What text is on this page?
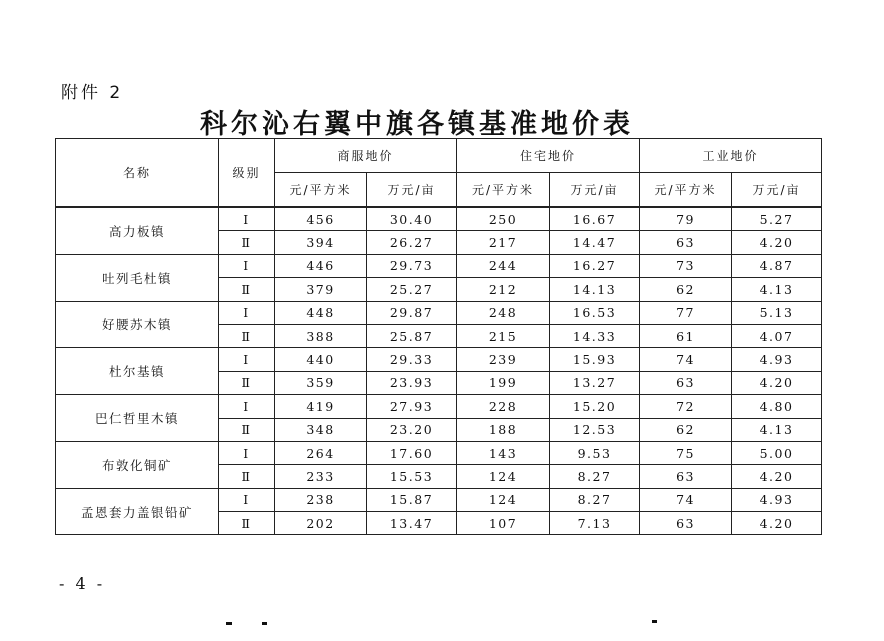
附件 2
科尔沁右翼中旗各镇基准地价表
名称	级别	商服地价		住宅地价		工业地价	
		元/平方米	万元/亩	元/平方米	万元/亩	元/平方米	万元/亩
高力板镇	Ⅰ	456	30.40	250	16.67	79	5.27
	Ⅱ	394	26.27	217	14.47	63	4.20
吐列毛杜镇	Ⅰ	446	29.73	244	16.27	73	4.87
	Ⅱ	379	25.27	212	14.13	62	4.13
好腰苏木镇	Ⅰ	448	29.87	248	16.53	77	5.13
	Ⅱ	388	25.87	215	14.33	61	4.07
杜尔基镇	Ⅰ	440	29.33	239	15.93	74	4.93
	Ⅱ	359	23.93	199	13.27	63	4.20
巴仁哲里木镇	Ⅰ	419	27.93	228	15.20	72	4.80
	Ⅱ	348	23.20	188	12.53	62	4.13
布敦化铜矿	Ⅰ	264	17.60	143	9.53	75	5.00
	Ⅱ	233	15.53	124	8.27	63	4.20
孟恩套力盖银铅矿	Ⅰ	238	15.87	124	8.27	74	4.93
	Ⅱ	202	13.47	107	7.13	63	4.20
- 4 -
